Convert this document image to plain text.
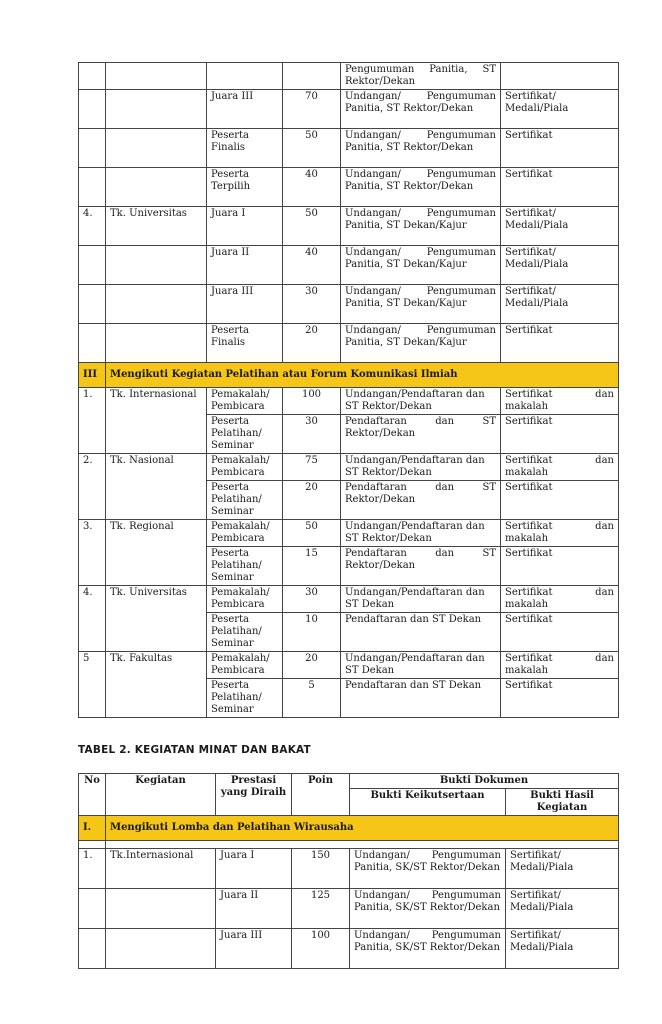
				Pengumuman Panitia, ST Rektor/Dekan	
		Juara III	70	Undangan/ Pengumuman Panitia, ST Rektor/Dekan	Sertifikat/ Medali/Piala
		Peserta Finalis	50	Undangan/ Pengumuman Panitia, ST Rektor/Dekan	Sertifikat
		Peserta Terpilih	40	Undangan/ Pengumuman Panitia, ST Rektor/Dekan	Sertifikat
4.	Tk. Universitas	Juara I	50	Undangan/ Pengumuman Panitia, ST Dekan/Kajur	Sertifikat/ Medali/Piala
		Juara II	40	Undangan/ Pengumuman Panitia, ST Dekan/Kajur	Sertifikat/ Medali/Piala
		Juara III	30	Undangan/ Pengumuman Panitia, ST Dekan/Kajur	Sertifikat/ Medali/Piala
		Peserta Finalis	20	Undangan/ Pengumuman Panitia, ST Dekan/Kajur	Sertifikat
III	Mengikuti Kegiatan Pelatihan atau Forum Komunikasi Ilmiah				
1.	Tk. Internasional	Pemakalah/ Pembicara	100	Undangan/Pendaftaran dan ST Rektor/Dekan	Sertifikat dan makalah
		Peserta Pelatihan/ Seminar	30	Pendaftaran dan ST Rektor/Dekan	Sertifikat
2.	Tk. Nasional	Pemakalah/ Pembicara	75	Undangan/Pendaftaran dan ST Rektor/Dekan	Sertifikat dan makalah
		Peserta Pelatihan/ Seminar	20	Pendaftaran dan ST Rektor/Dekan	Sertifikat
3.	Tk. Regional	Pemakalah/ Pembicara	50	Undangan/Pendaftaran dan ST Rektor/Dekan	Sertifikat dan makalah
		Peserta Pelatihan/ Seminar	15	Pendaftaran dan ST Rektor/Dekan	Sertifikat
4.	Tk. Universitas	Pemakalah/ Pembicara	30	Undangan/Pendaftaran dan ST Dekan	Sertifikat dan makalah
		Peserta Pelatihan/ Seminar	10	Pendaftaran dan ST Dekan	Sertifikat
5	Tk. Fakultas	Pemakalah/ Pembicara	20	Undangan/Pendaftaran dan ST Dekan	Sertifikat dan makalah
		Peserta Pelatihan/ Seminar	5	Pendaftaran dan ST Dekan	Sertifikat
TABEL 2. KEGIATAN MINAT DAN BAKAT
No	Kegiatan	Prestasi yang Diraih	Poin	Bukti Dokumen	
				Bukti Keikutsertaan	Bukti Hasil Kegiatan
I.	Mengikuti Lomba dan Pelatihan Wirausaha				

1.	Tk.Internasional	Juara I	150	Undangan/ Pengumuman Panitia, SK/ST Rektor/Dekan	Sertifikat/ Medali/Piala
		Juara II	125	Undangan/ Pengumuman Panitia, SK/ST Rektor/Dekan	Sertifikat/ Medali/Piala
		Juara III	100	Undangan/ Pengumuman Panitia, SK/ST Rektor/Dekan	Sertifikat/ Medali/Piala
